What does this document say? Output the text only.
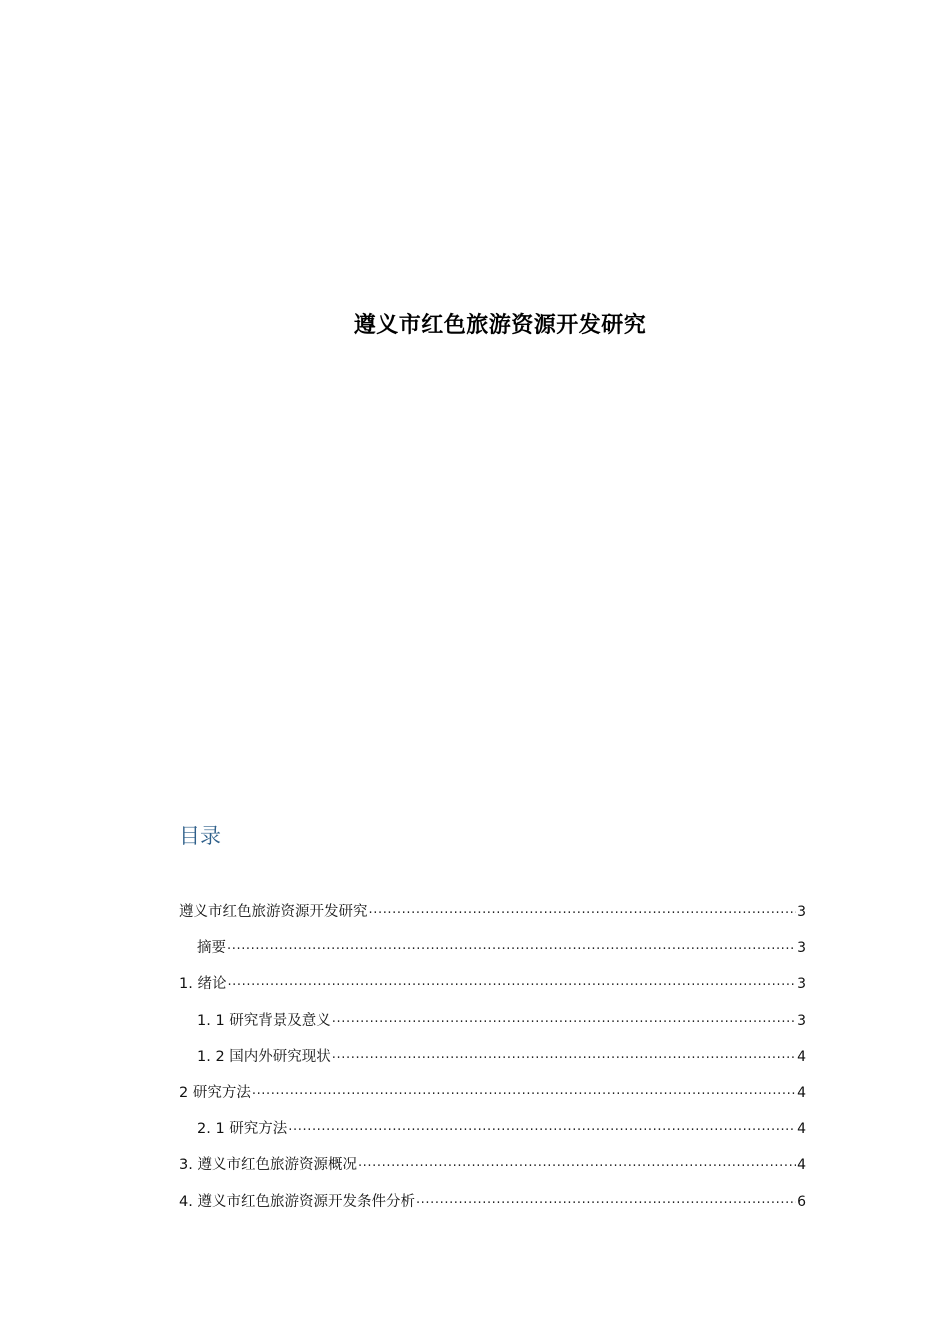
遵义市红色旅游资源开发研究
目录
遵义市红色旅游资源开发研究 .....	3
摘要 .....	3
1. 绪论 .....	3
1. 1 研究背景及意义 .....	3
1. 2 国内外研究现状 .....	4
2 研究方法 .....	4
2. 1 研究方法 .....	4
3. 遵义市红色旅游资源概况 .....	4
4. 遵义市红色旅游资源开发条件分析 .....	6
